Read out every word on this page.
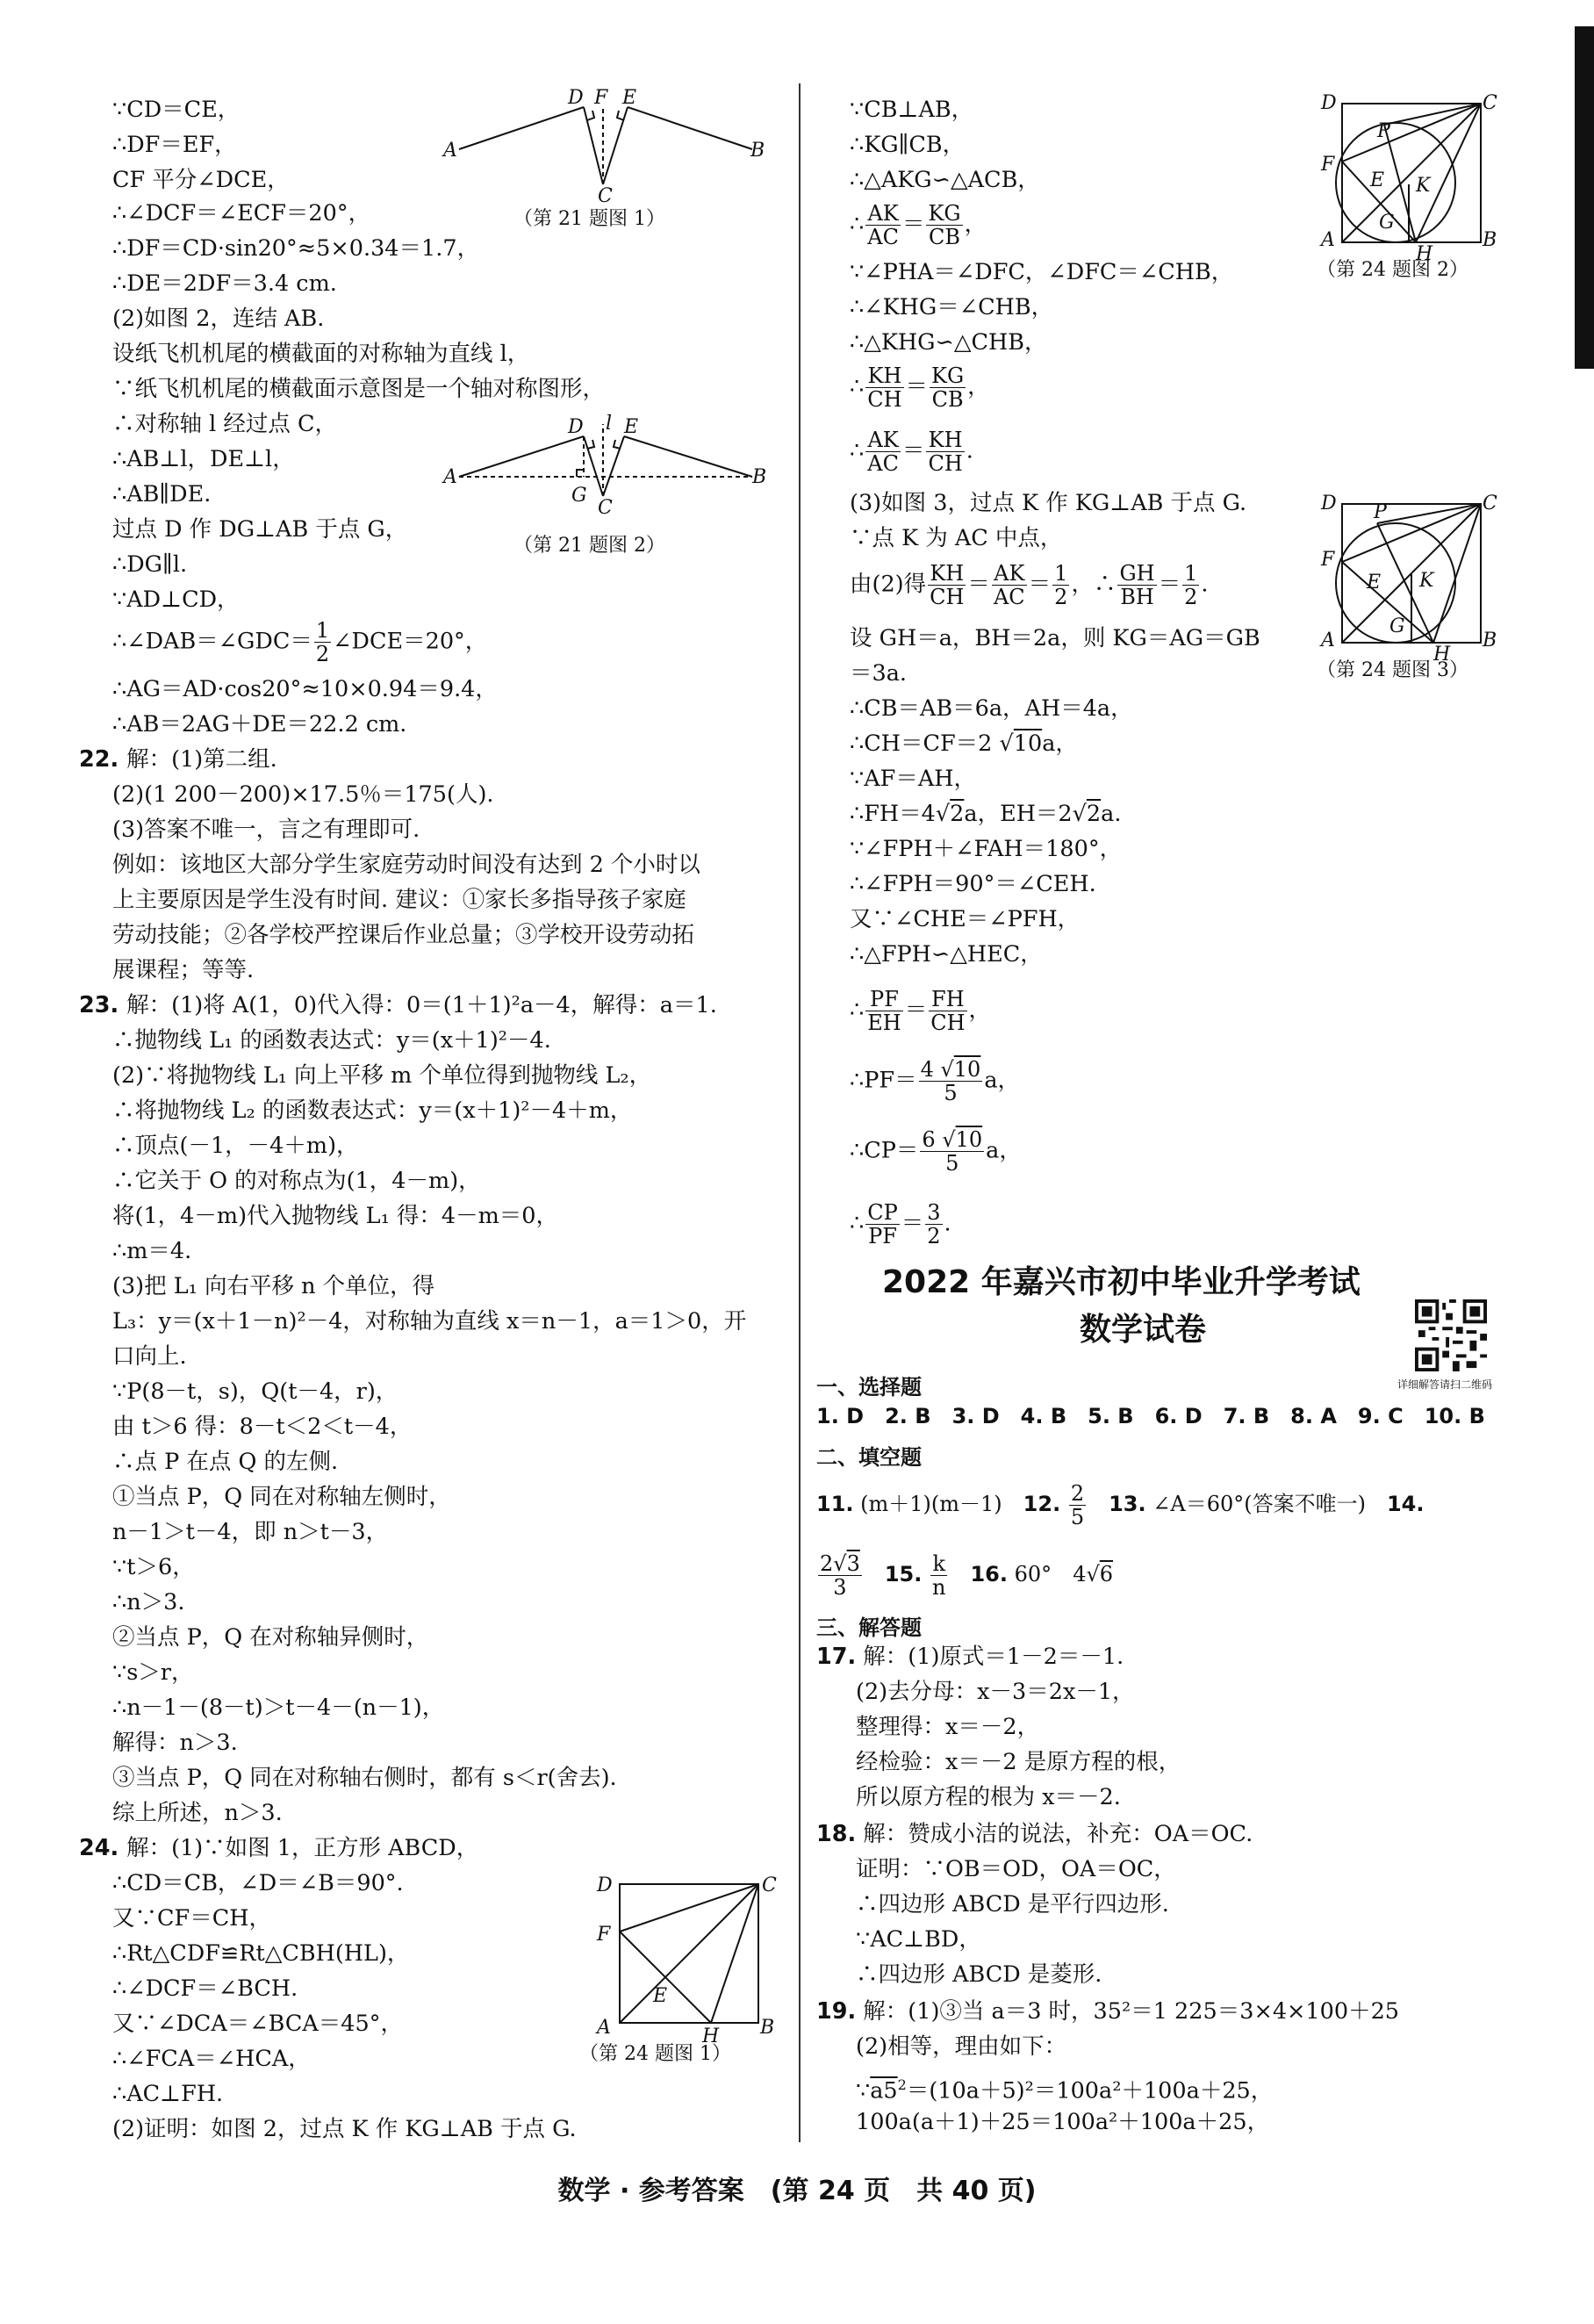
∵CD＝CE，
∴DF＝EF，
CF 平分∠DCE，
∴∠DCF＝∠ECF＝20°，
∴DF＝CD·sin20°≈5×0.34＝1.7，
∴DE＝2DF＝3.4 cm.
(2)如图 2，连结 AB.
设纸飞机机尾的横截面的对称轴为直线 l，
∵纸飞机机尾的横截面示意图是一个轴对称图形，
∴对称轴 l 经过点 C，
∴AB⊥l，DE⊥l，
∴AB∥DE.
过点 D 作 DG⊥AB 于点 G，
∴DG∥l.
∵AD⊥CD，
∴∠DAB＝∠GDC＝ $\frac{1}{2}$ ∠DCE＝20°，
∴AG＝AD·cos20°≈10×0.94＝9.4，
∴AB＝2AG＋DE＝22.2 cm.
22. 解：(1)第二组.
(2)(1 200－200)×17.5％＝175(人).
(3)答案不唯一，言之有理即可.
例如：该地区大部分学生家庭劳动时间没有达到 2 个小时以
上主要原因是学生没有时间. 建议：①家长多指导孩子家庭
劳动技能；②各学校严控课后作业总量；③学校开设劳动拓
展课程；等等.
23. 解：(1)将 A(1，0)代入得：0＝(1＋1)²a－4，解得：a＝1.
∴抛物线 L₁ 的函数表达式：y＝(x＋1)²－4.
(2)∵将抛物线 L₁ 向上平移 m 个单位得到抛物线 L₂，
∴将抛物线 L₂ 的函数表达式：y＝(x＋1)²－4＋m，
∴顶点(－1，－4＋m)，
∴它关于 O 的对称点为(1，4－m)，
将(1，4－m)代入抛物线 L₁ 得：4－m＝0，
∴m＝4.
(3)把 L₁ 向右平移 n 个单位，得
L₃：y＝(x＋1－n)²－4，对称轴为直线 x＝n－1，a＝1＞0，开
口向上.
∵P(8－t，s)，Q(t－4，r)，
由 t＞6 得：8－t＜2＜t－4，
∴点 P 在点 Q 的左侧.
①当点 P，Q 同在对称轴左侧时，
n－1＞t－4，即 n＞t－3，
∵t＞6，
∴n＞3.
②当点 P，Q 在对称轴异侧时，
∵s＞r，
∴n－1－(8－t)＞t－4－(n－1)，
解得：n＞3.
③当点 P，Q 同在对称轴右侧时，都有 s＜r(舍去).
综上所述，n＞3.
24. 解：(1)∵如图 1，正方形 ABCD，
∴CD＝CB，∠D＝∠B＝90°.
又∵CF＝CH，
∴Rt△CDF≌Rt△CBH(HL)，
∴∠DCF＝∠BCH.
又∵∠DCA＝∠BCA＝45°，
∴∠FCA＝∠HCA，
∴AC⊥FH.
(2)证明：如图 2，过点 K 作 KG⊥AB 于点 G.
A
D F E
B
C
（第 21 题图 1）
A
D l E
B
G
C
（第 21 题图 2）
D	C
F
E
A	H B
（第 24 题图 1）
∵CB⊥AB，
∴KG∥CB，
∴△AKG∽△ACB，
∴ $\frac{AK}{AC} = \frac{KG}{CB}$ ，
∵∠PHA＝∠DFC，∠DFC＝∠CHB，
∴∠KHG＝∠CHB，
∴△KHG∽△CHB，
∴ $\frac{KH}{CH} = \frac{KG}{CB}$ ，
∴ $\frac{AK}{AC} = \frac{KH}{CH}$ .
(3)如图 3，过点 K 作 KG⊥AB 于点 G.
∵点 K 为 AC 中点，
由(2)得 $\frac{KH}{CH} = \frac{AK}{AC} = \frac{1}{2}$ ，∴ $\frac{GH}{BH} = \frac{1}{2}$ .
设 GH＝a，BH＝2a，则 KG＝AG＝GB
＝3a.
∴CB＝AB＝6a，AH＝4a，
∴CH＝CF＝2 √10a，
∵AF＝AH，
∴FH＝4√2a，EH＝2√2a.
∵∠FPH＋∠FAH＝180°，
∴∠FPH＝90°＝∠CEH.
又∵∠CHE＝∠PFH，
∴△FPH∽△HEC，
∴ $\frac{PF}{EH} = \frac{FH}{CH}$ ，
∴PF＝ $\frac{4 √10}{5}$ a，
∴CP＝ $\frac{6 √10}{5}$ a，
∴ $\frac{CP}{PF} = \frac{3}{2}$ .
D	C
P
F
E K
G
A
H
B
（第 24 题图 2）
D	C
P
F
E K
G
A
H
B
（第 24 题图 3）
2022 年嘉兴市初中毕业升学考试
数学试卷
详细解答请扫二维码
一、选择题
1. D　 2. B　 3. D　 4. B　 5. B　 6. D　 7. B　 8. A　 9. C　 10. B
二、填空题
11. (m＋1)(m－1)　 12. $\frac{2}{5}$
　 13. ∠A＝60°(答案不唯一)　 14.
$\frac{2√3}{3}$
　 15. $\frac{k}{n}$
　 16. 60°　 4√6
三、解答题
17. 解：(1)原式＝1－2＝－1.
(2)去分母：x－3＝2x－1，
整理得：x＝－2，
经检验：x＝－2 是原方程的根，
所以原方程的根为 x＝－2.
18. 解：赞成小洁的说法，补充：OA＝OC.
证明：∵OB＝OD，OA＝OC，
∴四边形 ABCD 是平行四边形.
∵AC⊥BD，
∴四边形 ABCD 是菱形.
19. 解：(1)③当 a＝3 时，35²＝1 225＝3×4×100＋25
(2)相等，理由如下：
$\because a5^2=(10a+5)^2=100a^2+100a+25$，
100a(a＋1)＋25＝100a²＋100a＋25，
数学 · 参考答案　(第 24 页　共 40 页)
